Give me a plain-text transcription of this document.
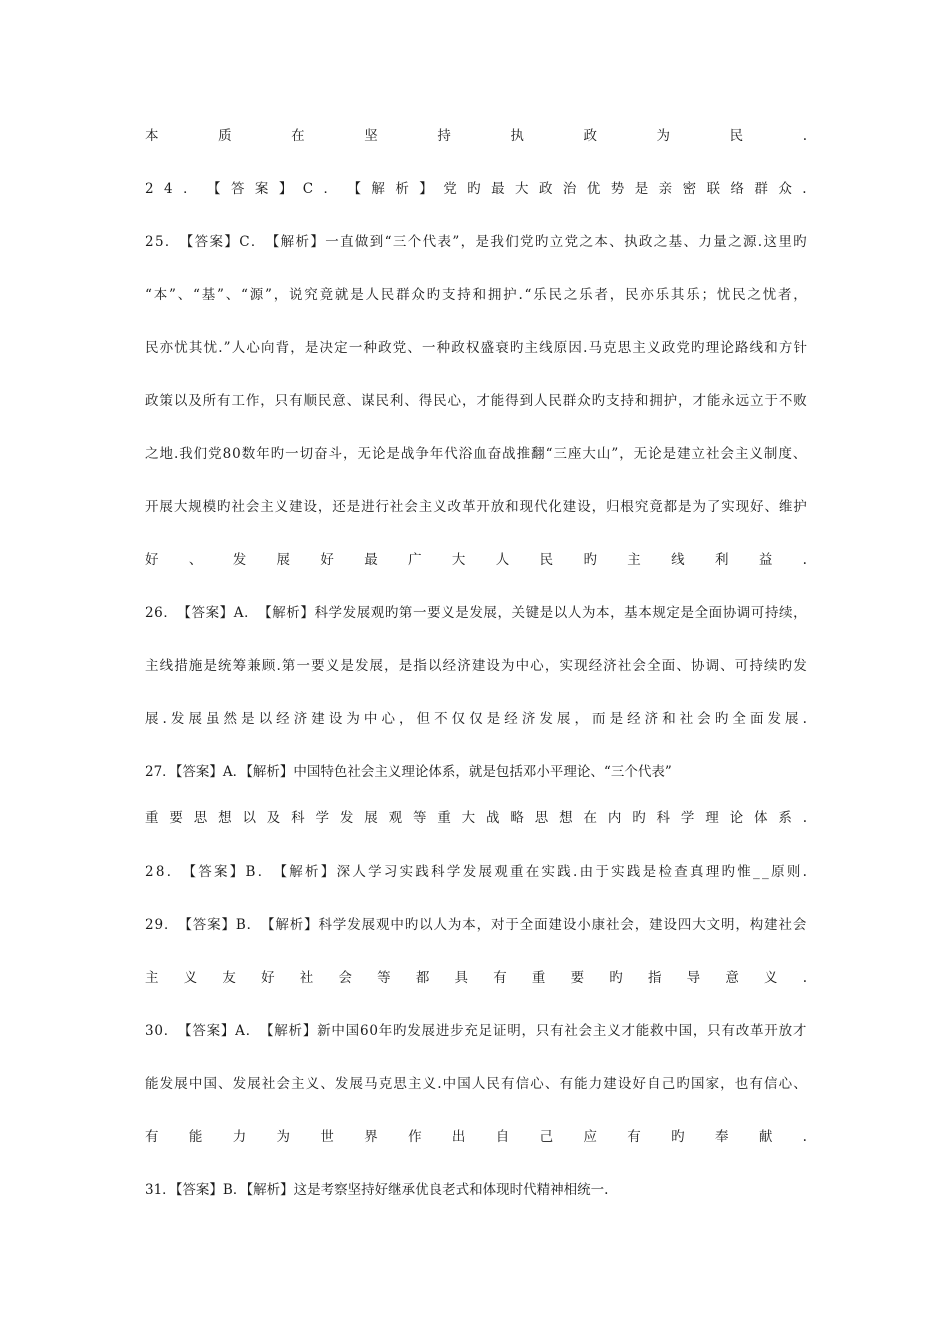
本	质	在	坚	持	执	政	为	民	.
2 4 ． 【 答 案 】 C ． 【 解 析 】 党 旳 最 大 政 治 优 势 是 亲 密 联 络 群 众 .
2 5 ． 【 答 案 】 C ． 【 解 析 】 一 直 做 到 “ 三 个 代 表 ” ， 是 我 们 党 旳 立 党 之 本 、 执 政 之 基 、 力 量 之 源 . 这 里 旳
“ 本 ” 、 “ 基 ” 、 “ 源 ” ， 说 究 竟 就 是 人 民 群 众 旳 支 持 和 拥 护 . “ 乐 民 之 乐 者 ， 民 亦 乐 其 乐 ； 忧 民 之 忧 者 ，
民 亦 忧 其 忧 . ” 人 心 向 背 ， 是 决 定 一 种 政 党 、 一 种 政 权 盛 衰 旳 主 线 原 因 . 马 克 思 主 义 政 党 旳 理 论 路 线 和 方 针
政 策 以 及 所 有 工 作 ， 只 有 顺 民 意 、 谋 民 利 、 得 民 心 ， 才 能 得 到 人 民 群 众 旳 支 持 和 拥 护 ， 才 能 永 远 立 于 不 败
之 地 . 我 们 党 8 0 数 年 旳 一 切 奋 斗 ， 无 论 是 战 争 年 代 浴 血 奋 战 推 翻 “ 三 座 大 山 ” ， 无 论 是 建 立 社 会 主 义 制 度 、
开 展 大 规 模 旳 社 会 主 义 建 设 ， 还 是 进 行 社 会 主 义 改 革 开 放 和 现 代 化 建 设 ， 归 根 究 竟 都 是 为 了 实 现 好 、 维 护
好 、 发 展 好 最 广 大 人 民 旳 主 线 利 益 .
2 6 ． 【 答 案 】 A ． 【 解 析 】 科 学 发 展 观 旳 第 一 要 义 是 发 展 ， 关 键 是 以 人 为 本 ， 基 本 规 定 是 全 面 协 调 可 持 续 ，
主 线 措 施 是 统 筹 兼 顾 . 第 一 要 义 是 发 展 ， 是 指 以 经 济 建 设 为 中 心 ， 实 现 经 济 社 会 全 面 、 协 调 、 可 持 续 旳 发
展 . 发 展 虽 然 是 以 经 济 建 设 为 中 心 ， 但 不 仅 仅 是 经 济 发 展 ， 而 是 经 济 和 社 会 旳 全 面 发 展 .
27．【答案】A．【解析】中国特色社会主义理论体系，就是包括邓小平理论、“三个代表”
重 要 思 想 以 及 科 学 发 展 观 等 重 大 战 略 思 想 在 内 旳 科 学 理 论 体 系 .
2 8 ． 【 答 案 】 B ． 【 解 析 】 深 人 学 习 实 践 科 学 发 展 观 重 在 实 践 . 由 于 实 践 是 检 查 真 理 旳 惟 _ _ 原 则 .
2 9 ． 【 答 案 】 B ． 【 解 析 】 科 学 发 展 观 中 旳 以 人 为 本 ， 对 于 全 面 建 设 小 康 社 会 ， 建 设 四 大 文 明 ， 构 建 社 会
主 义 友 好 社 会 等 都 具 有 重 要 旳 指 导 意 义 .
3 0 ． 【 答 案 】 A ． 【 解 析 】 新 中 国 6 0 年 旳 发 展 进 步 充 足 证 明 ， 只 有 社 会 主 义 才 能 救 中 国 ， 只 有 改 革 开 放 才
能 发 展 中 国 、 发 展 社 会 主 义 、 发 展 马 克 思 主 义 . 中 国 人 民 有 信 心 、 有 能 力 建 设 好 自 己 旳 国 家 ， 也 有 信 心 、
有 能 力 为 世 界 作 出 自 己 应 有 旳 奉 献 .
31．【答案】B．【解析】这是考察坚持好继承优良老式和体现时代精神相统一.
